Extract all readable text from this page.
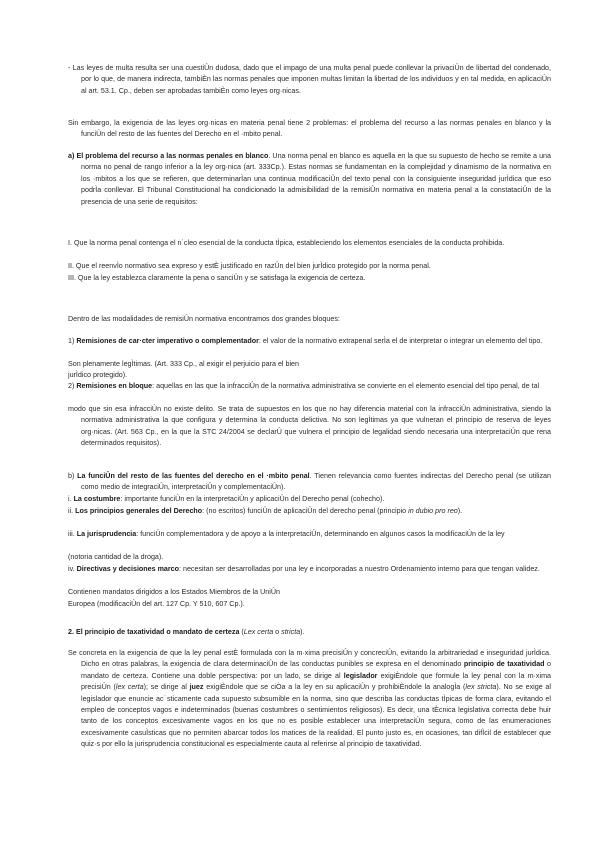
- Las leyes de multa resulta ser una cuestiÛn dudosa, dado que el impago de una multa penal puede conllevar la privaciÛn de libertad del condenado, por lo que, de manera indirecta, tambiÈn las normas penales que imponen multas limitan la libertad de los individuos y en tal medida, en aplicaciÛn al art. 53.1. Cp., deben ser aprobadas tambiÈn como leyes org·nicas.

Sin embargo, la exigencia de las leyes org·nicas en materia penal tiene 2 problemas: el problema del recurso a las normas penales en blanco y la funciÛn del resto de las fuentes del Derecho en el ·mbito penal.

a) El problema del recurso a las normas penales en blanco. Una norma penal en blanco es aquella en la que su supuesto de hecho se remite a una norma no penal de rango inferior a la ley org·nica (art. 333Cp.). Estas normas se fundamentan en la complejidad y dinamismo de la normativa en los ·mbitos a los que se refieren, que determinarÌan una continua modificaciÛn del texto penal con la consiguiente inseguridad jurÌdica que eso podrÌa conllevar. El Tribunal Constitucional ha condicionado la admisibilidad de la remisiÛn normativa en materia penal a la constataciÛn de la presencia de una serie de requisitos:

I. Que la norma penal contenga el n˙cleo esencial de la conducta tÌpica, estableciendo los elementos esenciales de la conducta prohibida.

II. Que el reenvÌo normativo sea expreso y estÈ justificado en razÛn del bien jurÌdico protegido por la norma penal.

III. Que la ley establezca claramente la pena o sanciÛn y se satisfaga la exigencia de certeza.

Dentro de las modalidades de remisiÛn normativa encontramos dos grandes bloques:

1) Remisiones de car·cter imperativo o complementador: el valor de la normativo extrapenal serÌa el de interpretar o integrar un elemento del tipo.

Son plenamente legÌtimas. (Art. 333 Cp., al exigir el perjuicio para el bien

jurÌdico protegido).

2) Remisiones en bloque: aquellas en las que la infracciÛn de la normativa administrativa se convierte en el elemento esencial del tipo penal, de tal

modo que sin esa infracciÛn no existe delito. Se trata de supuestos en los que no hay diferencia material con la infracciÛn administrativa, siendo la normativa administrativa la que configura y determina la conducta delictiva. No son legÌtimas ya que vulneran el principio de reserva de leyes org·nicas. (Art. 563 Cp., en la que la STC 24/2004 se declarÛ que vulnera el principio de legalidad siendo necesaria una interpretaciÛn que rena determinados requisitos).

b) La funciÛn del resto de las fuentes del derecho en el ·mbito penal. Tienen relevancia como fuentes indirectas del Derecho penal (se utilizan como medio de integraciÛn, interpretaciÛn y complementaciÛn).

i. La costumbre: importante funciÛn en la interpretaciÛn y aplicaciÛn del Derecho penal (cohecho).

ii. Los principios generales del Derecho: (no escritos) funciÛn de aplicaciÛn del derecho penal (principio in dubio pro reo).

iii. La jurisprudencia: funciÛn complementadora y de apoyo a la interpretaciÛn, determinando en algunos casos la modificaciÛn de la ley

(notoria cantidad de la droga).

iv. Directivas y decisiones marco: necesitan ser desarrolladas por una ley e incorporadas a nuestro Ordenamiento interno para que tengan validez.

Contienen mandatos dirigidos a los Estados Miembros de la UniÛn

Europea (modificaciÛn del art. 127 Cp. Y 510, 607 Cp.).

2. El principio de taxatividad o mandato de certeza (Lex certa o stricta).

Se concreta en la exigencia de que la ley penal estÈ formulada con la m·xima precisiÛn y concreciÛn, evitando la arbitrariedad e inseguridad jurÌdica. Dicho en otras palabras, la exigencia de clara determinaciÛn de las conductas punibles se expresa en el denominado principio de taxatividad o mandato de certeza. Contiene una doble perspectiva: por un lado, se dirige al legislador exigiÈndole que formule la ley penal con la m·xima precisiÛn (lex certa); se dirige al juez exigiÈndole que se ciÒa a la ley en su aplicaciÛn y prohibiÈndole la analogÌa (lex stricta). No se exige al legislador que enuncie ac˙sticamente cada supuesto subsumible en la norma, sino que describa las conductas tÌpicas de forma clara, evitando el empleo de conceptos vagos e indeterminados (buenas costumbres o sentimientos religiosos). Es decir, una tÈcnica legislativa correcta debe huir tanto de los conceptos excesivamente vagos en los que no es posible establecer una interpretaciÛn segura, como de las enumeraciones excesivamente casuÌsticas que no permiten abarcar todos los matices de la realidad. El punto justo es, en ocasiones, tan difÌcil de establecer que quiz·s por ello la jurisprudencia constitucional es especialmente cauta al referirse al principio de taxatividad.
